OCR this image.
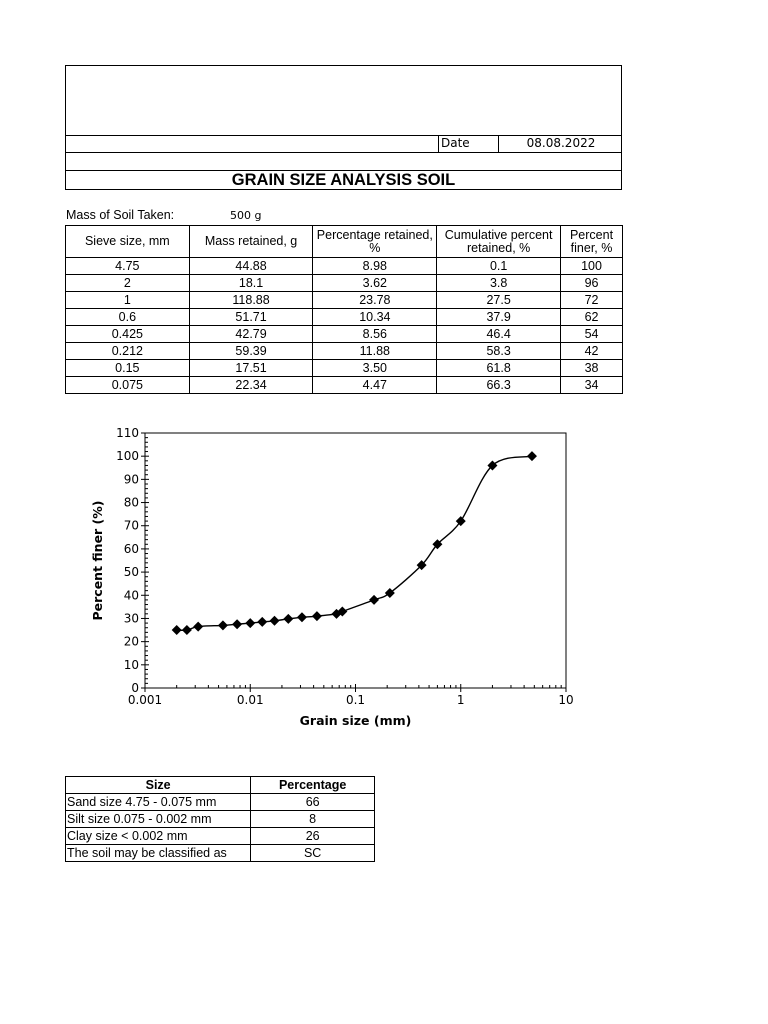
Date	08.08.2022
GRAIN SIZE ANALYSIS SOIL
Mass of Soil Taken:	500 g
Sieve size, mm	Mass retained, g	Percentage retained, %	Cumulative percent retained, %	Percent finer, %
4.75	44.88	8.98	0.1	100
2	18.1	3.62	3.8	96
1	118.88	23.78	27.5	72
0.6	51.71	10.34	37.9	62
0.425	42.79	8.56	46.4	54
0.212	59.39	11.88	58.3	42
0.15	17.51	3.50	61.8	38
0.075	22.34	4.47	66.3	34
0
10
20
30
40
50
60
70
80
90
100
110
0.001	0.01	0.1	1	10
Grain size (mm)
Percent finer (%)
Size	Percentage
Sand size 4.75 - 0.075 mm	66
Silt size 0.075 - 0.002 mm	8
Clay size < 0.002 mm	26
The soil may be classified as	SC
